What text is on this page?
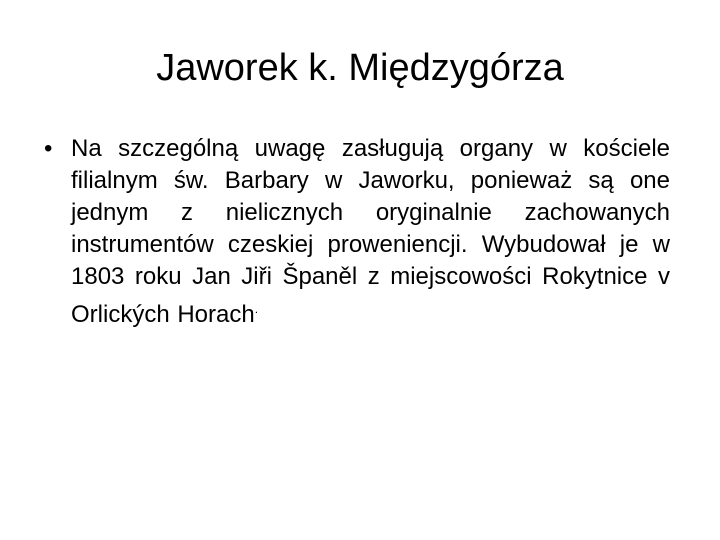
Jaworek k. Międzygórza
• Na szczególną uwagę zasługują organy w kościele filialnym św. Barbary w Jaworku, ponieważ są one jednym z nielicznych oryginalnie zachowanych instrumentów czeskiej proweniencji. Wybudował je w 1803 roku Jan Jiři Španěl z miejscowości Rokytnice v Orlických Horach.
